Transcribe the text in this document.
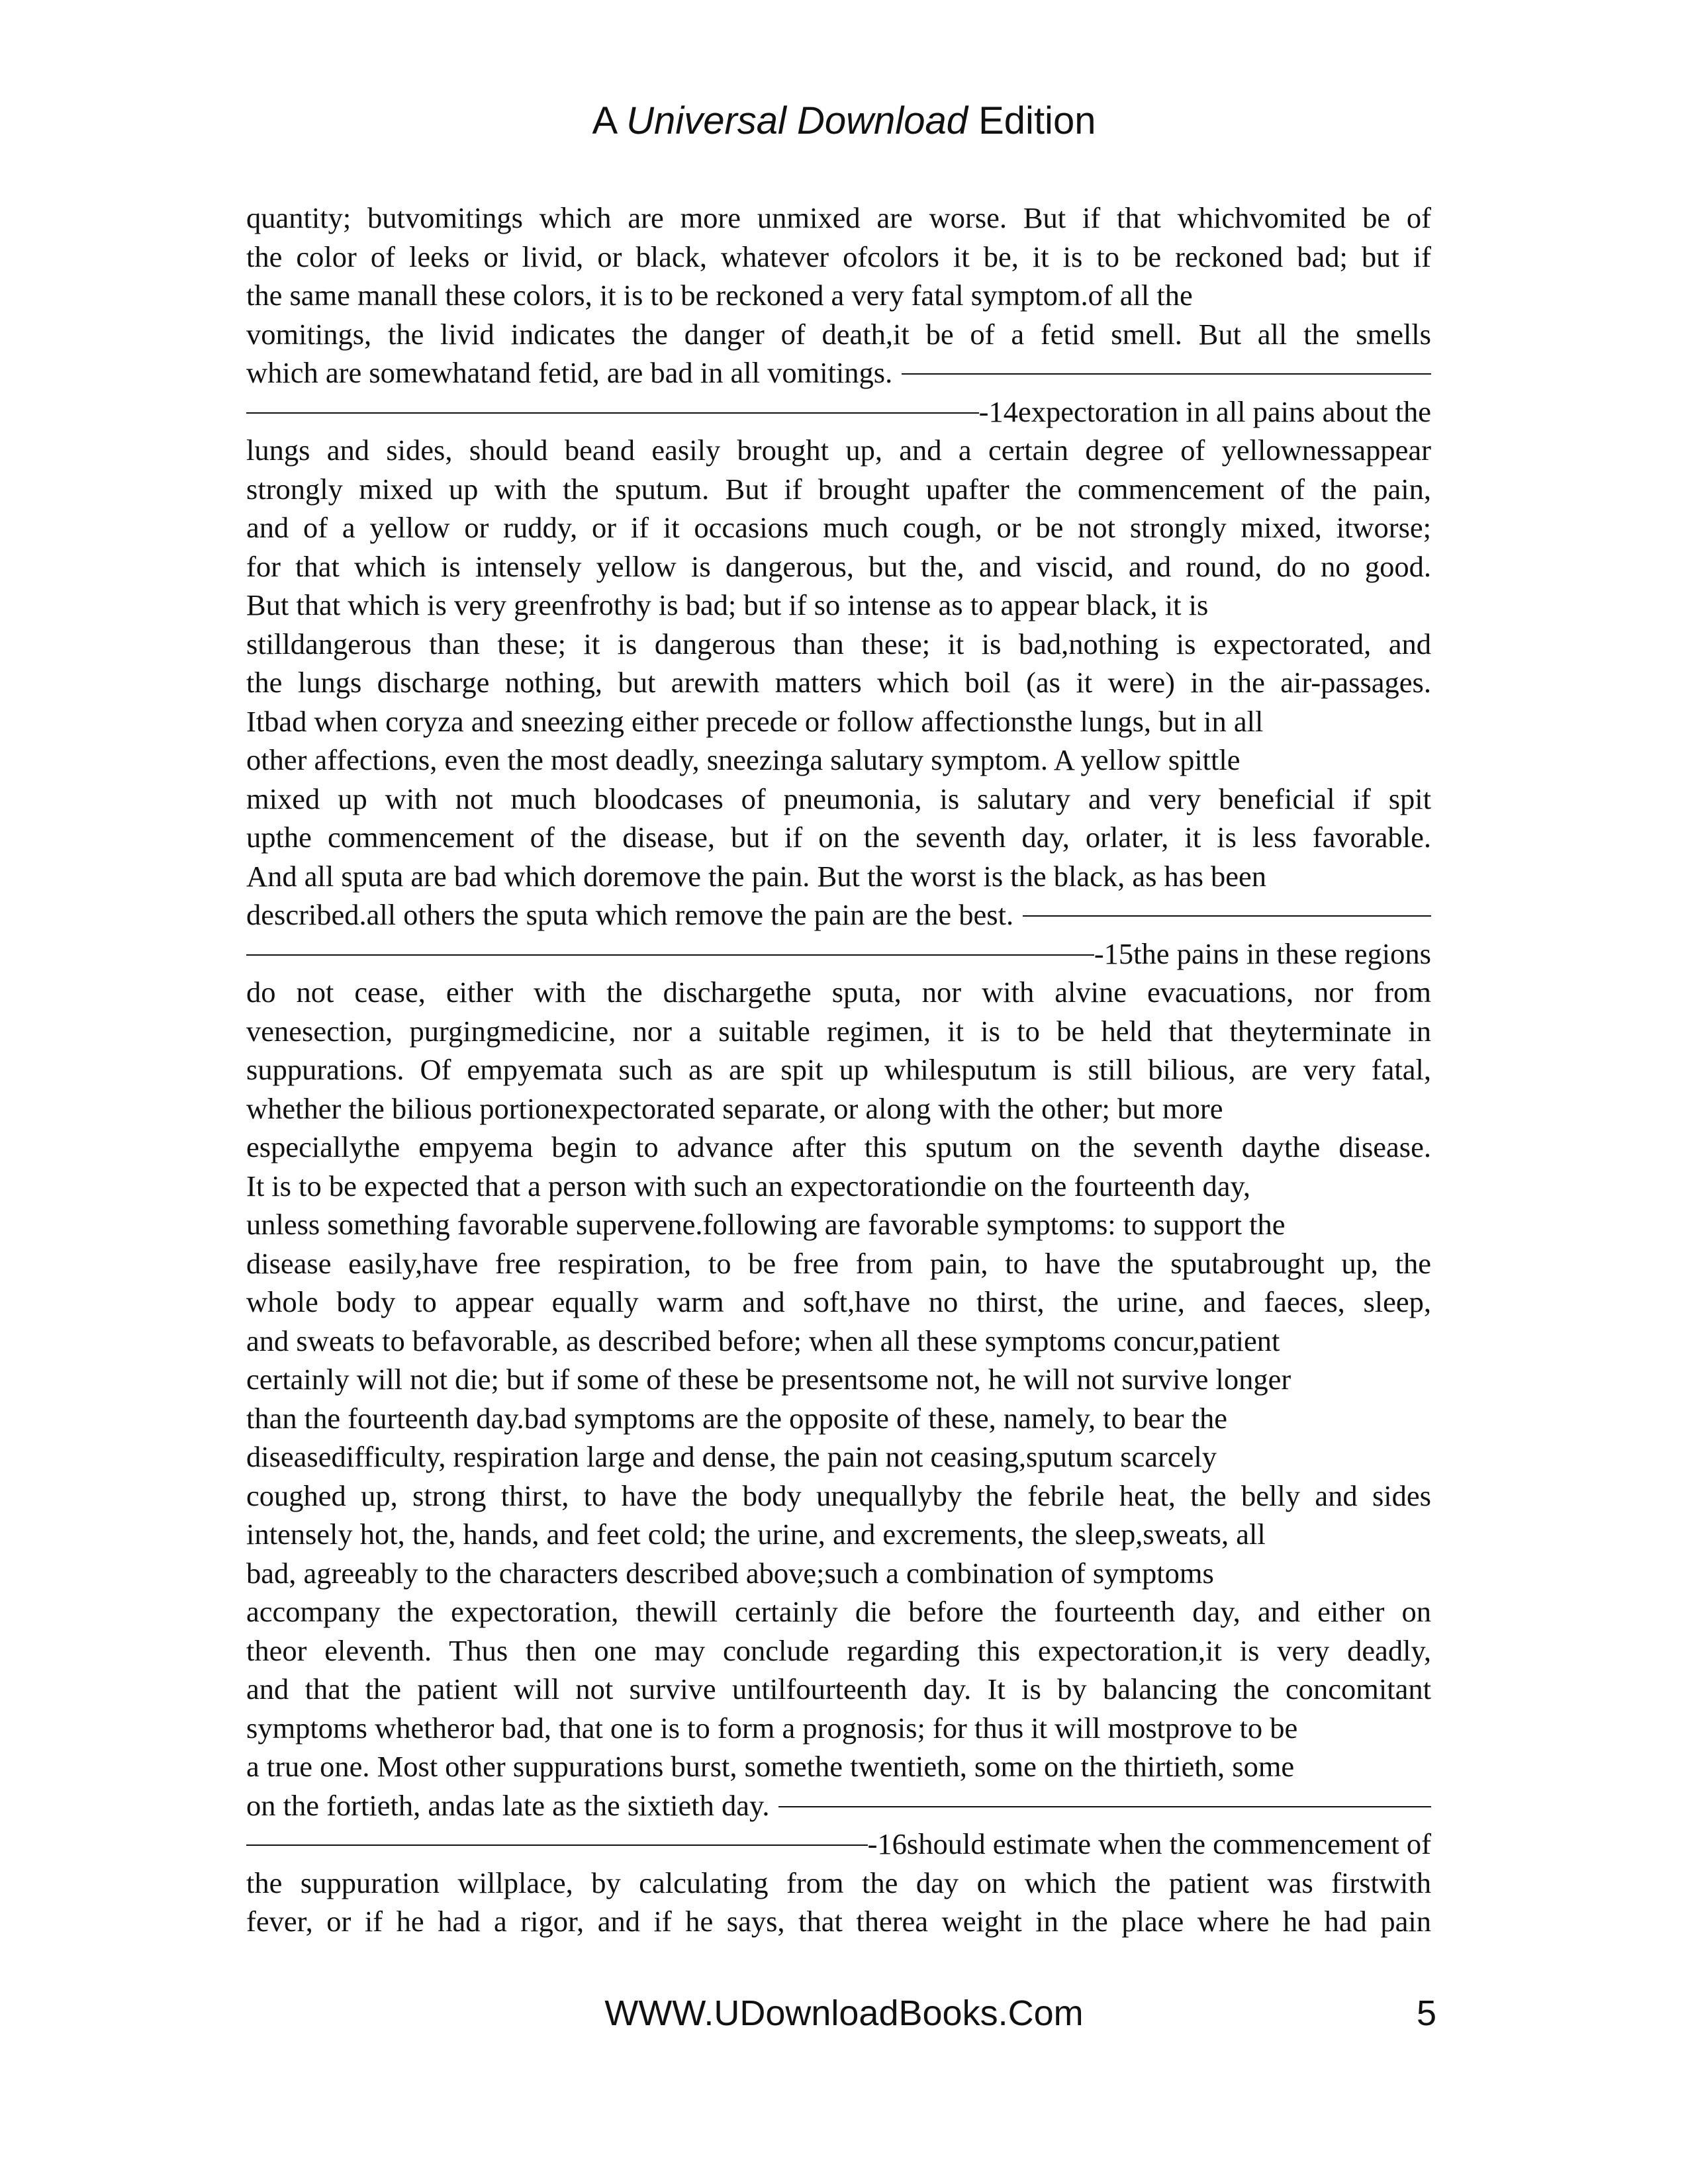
A Universal Download Edition
quantity; butvomitings which are more unmixed are worse. But if that whichvomited be of
the color of leeks or livid, or black, whatever ofcolors it be, it is to be reckoned bad; but if
the same manall these colors, it is to be reckoned a very fatal symptom.of all the
vomitings, the livid indicates the danger of death,it be of a fetid smell. But all the smells
which are somewhatand fetid, are bad in all vomitings.
-14expectoration in all pains about the
lungs and sides, should beand easily brought up, and a certain degree of yellownessappear
strongly mixed up with the sputum. But if brought upafter the commencement of the pain,
and of a yellow or ruddy, or if it occasions much cough, or be not strongly mixed, itworse;
for that which is intensely yellow is dangerous, but the, and viscid, and round, do no good.
But that which is very greenfrothy is bad; but if so intense as to appear black, it is
stilldangerous than these; it is dangerous than these; it is bad,nothing is expectorated, and
the lungs discharge nothing, but arewith matters which boil (as it were) in the air-passages.
Itbad when coryza and sneezing either precede or follow affectionsthe lungs, but in all
other affections, even the most deadly, sneezinga salutary symptom. A yellow spittle
mixed up with not much bloodcases of pneumonia, is salutary and very beneficial if spit
upthe commencement of the disease, but if on the seventh day, orlater, it is less favorable.
And all sputa are bad which doremove the pain. But the worst is the black, as has been
described.all others the sputa which remove the pain are the best.
-15the pains in these regions
do not cease, either with the dischargethe sputa, nor with alvine evacuations, nor from
venesection, purgingmedicine, nor a suitable regimen, it is to be held that theyterminate in
suppurations. Of empyemata such as are spit up whilesputum is still bilious, are very fatal,
whether the bilious portionexpectorated separate, or along with the other; but more
especiallythe empyema begin to advance after this sputum on the seventh daythe disease.
It is to be expected that a person with such an expectorationdie on the fourteenth day,
unless something favorable supervene.following are favorable symptoms: to support the
disease easily,have free respiration, to be free from pain, to have the sputabrought up, the
whole body to appear equally warm and soft,have no thirst, the urine, and faeces, sleep,
and sweats to befavorable, as described before; when all these symptoms concur,patient
certainly will not die; but if some of these be presentsome not, he will not survive longer
than the fourteenth day.bad symptoms are the opposite of these, namely, to bear the
diseasedifficulty, respiration large and dense, the pain not ceasing,sputum scarcely
coughed up, strong thirst, to have the body unequallyby the febrile heat, the belly and sides
intensely hot, the, hands, and feet cold; the urine, and excrements, the sleep,sweats, all
bad, agreeably to the characters described above;such a combination of symptoms
accompany the expectoration, thewill certainly die before the fourteenth day, and either on
theor eleventh. Thus then one may conclude regarding this expectoration,it is very deadly,
and that the patient will not survive untilfourteenth day. It is by balancing the concomitant
symptoms whetheror bad, that one is to form a prognosis; for thus it will mostprove to be
a true one. Most other suppurations burst, somethe twentieth, some on the thirtieth, some
on the fortieth, andas late as the sixtieth day.
-16should estimate when the commencement of
the suppuration willplace, by calculating from the day on which the patient was firstwith
fever, or if he had a rigor, and if he says, that therea weight in the place where he had pain
WWW.UDownloadBooks.Com	5
